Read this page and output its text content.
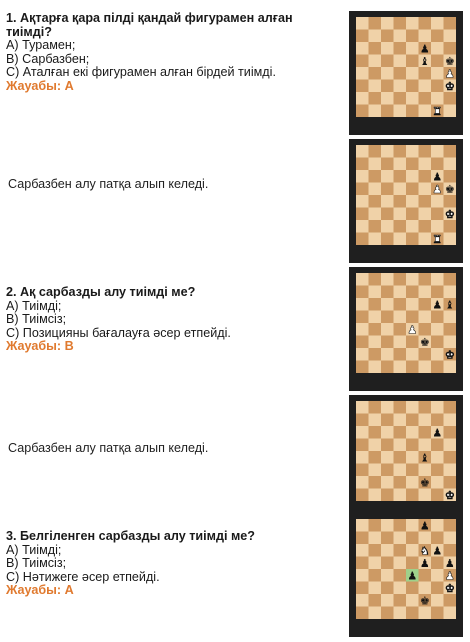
1. Ақтарға қара пілді қандай фигурамен алған тиімді?
A) Турамен;
B) Сарбазбен;
C) Аталған екі фигурамен алған бірдей тиімді.
Жауабы: А
Сарбазбен алу патқа алып келеді.
2. Ақ сарбазды алу тиімді ме?
A) Тиімді;
B) Тиімсіз;
C) Позицияны бағалауға әсер етпейді.
Жауабы: В
Сарбазбен алу патқа алып келеді.
3. Белгіленген сарбазды алу тиімді ме?
A) Тиімді;
B) Тиімсіз;
C) Нәтижеге әсер етпейді.
Жауабы: А
♟
♝ ♚
♟
♚
♜
♟
♟ ♚
♚
♜
♟ ♝
♟
♚
♚
♟
♝
♚
♚
♟
♞ ♟
♟ ♟
♟
♟
♚
♚
